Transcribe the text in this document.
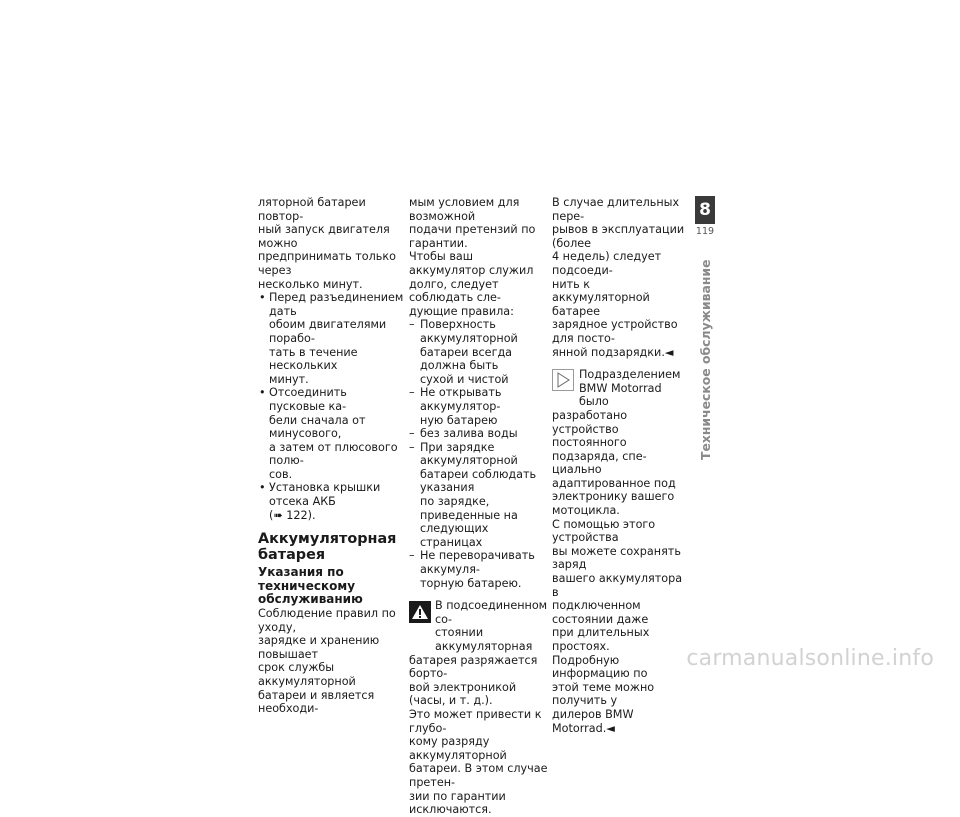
ляторной батареи повтор-

ный запуск двигателя можно

предпринимать только через

несколько минут.

• Перед разъединением дать

обоим двигателями порабо-

тать в течение нескольких

минут.

• Отсоединить пусковые ка-

бели сначала от минусового,

а затем от плюсового полю-

сов.

• Установка крышки отсека АКБ

(➠ 122).

Аккумуляторная

батарея

Указания по

техническому

обслуживанию

Соблюдение правил по уходу,

зарядке и хранению повышает

срок службы аккумуляторной

батареи и является необходи-

мым условием для возможной

подачи претензий по гарантии.

Чтобы ваш аккумулятор служил

долго, следует соблюдать сле-

дующие правила:

– Поверхность аккумуляторной

батареи всегда должна быть

сухой и чистой

– Не открывать аккумулятор-

ную батарею

– без залива воды

– При зарядке аккумуляторной

батареи соблюдать указания

по зарядке, приведенные на

следующих страницах

– Не переворачивать аккумуля-

торную батарею.

В подсоединенном со-

стоянии аккумуляторная

батарея разряжается борто-

вой электроникой (часы, и т. д.).

Это может привести к глубо-

кому разряду аккумуляторной

батареи. В этом случае претен-

зии по гарантии исключаются.

В случае длительных пере-

рывов в эксплуатации (более

4 недель) следует подсоеди-

нить к аккумуляторной батарее

зарядное устройство для посто-

янной подзарядки.◄

Подразделением

BMW Motorrad было

разработано устройство

постоянного подзаряда, спе-

циально адаптированное под

электронику вашего мотоцикла.

С помощью этого устройства

вы можете сохранять заряд

вашего аккумулятора в

подключенном состоянии даже

при длительных простоях.

Подробную информацию по

этой теме можно получить у

дилеров BMW Motorrad.◄

8
119
Техническое обслуживание
carmanualsonline.info
